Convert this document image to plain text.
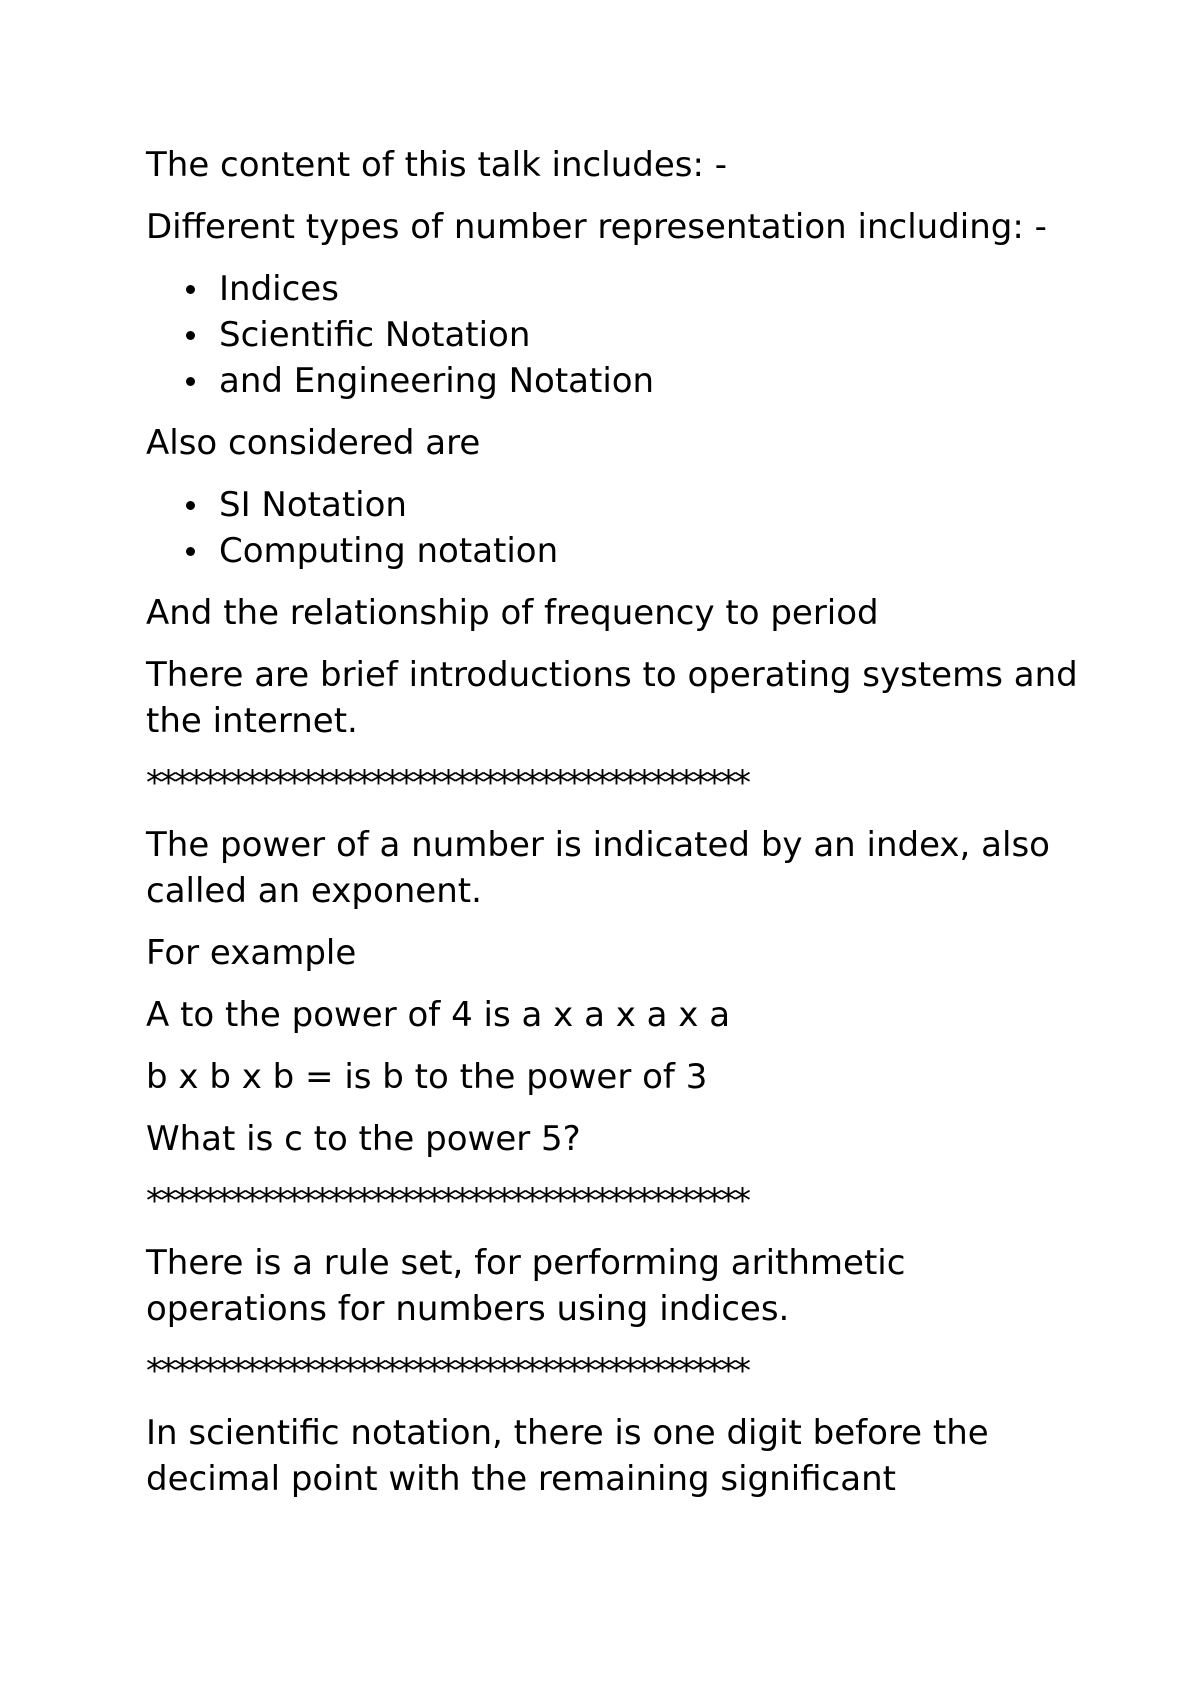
The content of this talk includes: -

Different types of number representation including: -

Indices
Scientific Notation
and Engineering Notation

Also considered are

SI Notation
Computing notation

And the relationship of frequency to period

There are brief introductions to operating systems and the internet.

*******************************************

The power of a number is indicated by an index, also called an exponent.

For example

A to the power of 4 is a x a x a x a

b x b x b = is b to the power of 3

What is c to the power 5?

*******************************************

There is a rule set, for performing arithmetic operations for numbers using indices.

*******************************************

In scientific notation, there is one digit before the decimal point with the remaining significant
